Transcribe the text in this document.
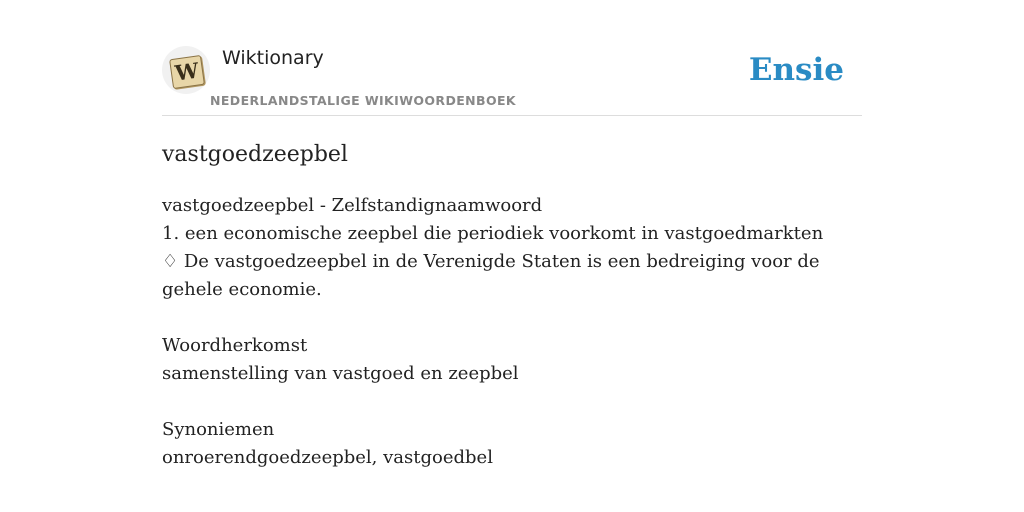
W Wiktionary
NEDERLANDSTALIGE WIKIWOORDENBOEK
Ensie
vastgoedzeepbel

vastgoedzeepbel - Zelfstandignaamwoord

1. een economische zeepbel die periodiek voorkomt in vastgoedmarkten

♢ De vastgoedzeepbel in de Verenigde Staten is een bedreiging voor de gehele economie.

Woordherkomst

samenstelling van vastgoed en zeepbel

Synoniemen

onroerendgoedzeepbel, vastgoedbel
